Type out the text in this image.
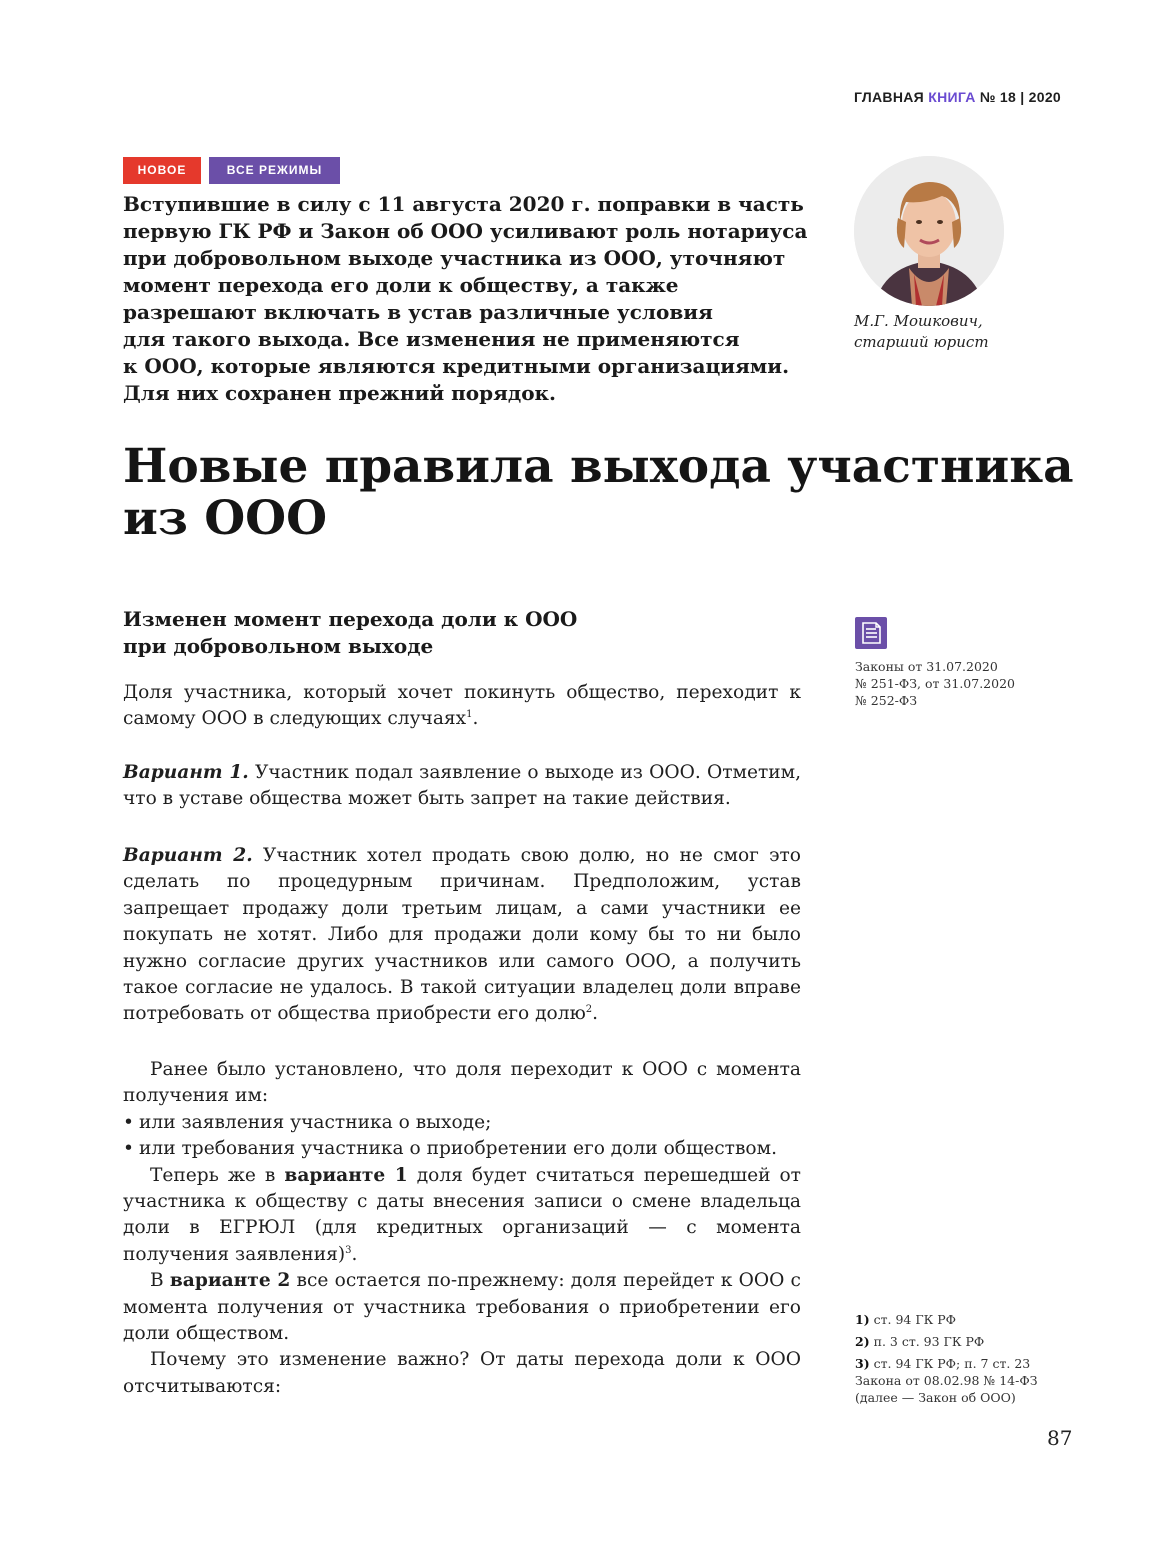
ГЛАВНАЯ КНИГА № 18 | 2020
НОВОЕ	ВСЕ РЕЖИМЫ

Вступившие в силу с 11 августа 2020 г. поправки в часть

первую ГК РФ и Закон об ООО усиливают роль нотариуса

при добровольном выходе участника из ООО, уточняют

момент перехода его доли к обществу, а также

разрешают включать в устав различные условия

для такого выхода. Все изменения не применяются

к ООО, которые являются кредитными организациями.

Для них сохранен прежний порядок.

М.Г. Мошкович,
старший юрист
Новые правила выхода участника
из ООО
Изменен момент перехода доли к ООО
при добровольном выходе
Законы от 31.07.2020
№ 251-ФЗ, от 31.07.2020
№ 252-ФЗ

Доля участника, который хочет покинуть общество, переходит к самому ООО в следующих случаях$^1$.

Вариант 1. Участник подал заявление о выходе из ООО. Отметим, что в уставе общества может быть запрет на такие действия.

Вариант 2. Участник хотел продать свою долю, но не смог это сделать по процедурным причинам. Предположим, устав запрещает продажу доли третьим лицам, а сами участники ее покупать не хотят. Либо для продажи доли кому бы то ни было нужно согласие других участников или самого ООО, а получить такое согласие не удалось. В такой ситуации владелец доли вправе потребовать от общества приобрести его долю$^2$.

Ранее было установлено, что доля переходит к ООО с момента получения им:

• или заявления участника о выходе;

• или требования участника о приобретении его доли обществом.

Теперь же в варианте 1 доля будет считаться перешедшей от участника к обществу с даты внесения записи о смене владельца доли в ЕГРЮЛ (для кредитных организаций — с момента получения заявления)$^3$.

В варианте 2 все остается по-прежнему: доля перейдет к ООО с момента получения от участника требования о приобретении его доли обществом.

Почему это изменение важно? От даты перехода доли к ООО отсчитываются:

1) ст. 94 ГК РФ
2) п. 3 ст. 93 ГК РФ
3) ст. 94 ГК РФ; п. 7 ст. 23 Закона от 08.02.98 № 14-ФЗ (далее — Закон об ООО)
87
